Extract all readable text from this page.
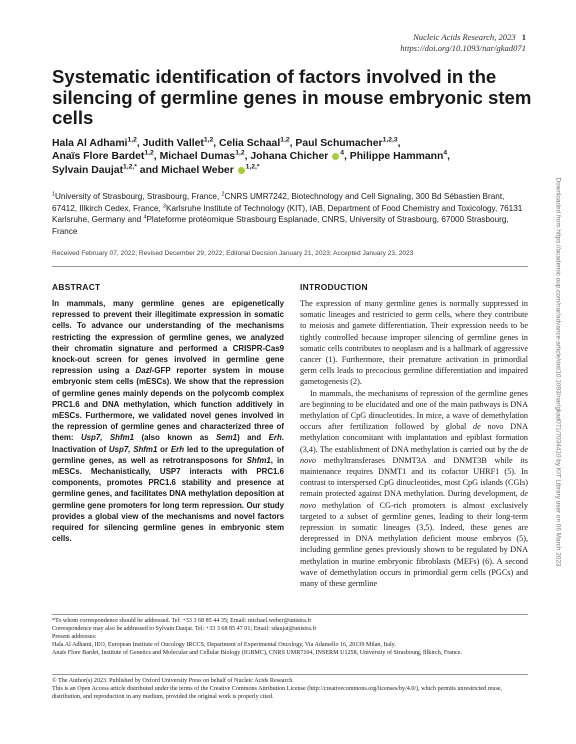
Nucleic Acids Research, 2023 1
https://doi.org/10.1093/nar/gkad071
Systematic identification of factors involved in the silencing of germline genes in mouse embryonic stem cells
Hala Al Adhami$^{1,2}$, Judith Vallet$^{1,2}$, Celia Schaal$^{1,2}$, Paul Schumacher$^{1,2,3}$,
Anaïs Flore Bardet$^{1,2}$, Michael Dumas$^{1,2}$, Johana Chicher $^4$, Philippe Hammann$^4$,
Sylvain Daujat$^{1,2,*}$ and Michael Weber $^{1,2,*}$
$^1$University of Strasbourg, Strasbourg, France, $^2$CNRS UMR7242, Biotechnology and Cell Signaling, 300 Bd Sébastien Brant, 67412, Illkirch Cedex, France, $^3$Karlsruhe Institute of Technology (KIT), IAB, Department of Food Chemistry and Toxicology, 76131 Karlsruhe, Germany and $^4$Plateforme protéomique Strasbourg Esplanade, CNRS, University of Strasbourg, 67000 Strasbourg, France
Received February 07, 2022; Revised December 29, 2022; Editorial Decision January 21, 2023; Accepted January 23, 2023
ABSTRACT	INTRODUCTION
In mammals, many germline genes are epigenetically repressed to prevent their illegitimate expression in somatic cells. To advance our understanding of the mechanisms restricting the expression of germline genes, we analyzed their chromatin signature and performed a CRISPR-Cas9 knock-out screen for genes involved in germline gene repression using a Dazl-GFP reporter system in mouse embryonic stem cells (mESCs). We show that the repression of germline genes mainly depends on the polycomb complex PRC1.6 and DNA methylation, which function additively in mESCs. Furthermore, we validated novel genes involved in the repression of germline genes and characterized three of them: Usp7, Shfm1 (also known as Sem1) and Erh. Inactivation of Usp7, Shfm1 or Erh led to the upregulation of germline genes, as well as retrotransposons for Shfm1, in mESCs. Mechanistically, USP7 interacts with PRC1.6 components, promotes PRC1.6 stability and presence at germline genes, and facilitates DNA methylation deposition at germline gene promoters for long term repression. Our study provides a global view of the mechanisms and novel factors required for silencing germline genes in embryonic stem cells.

The expression of many germline genes is normally suppressed in somatic lineages and restricted to germ cells, where they contribute to meiosis and gamete differentiation. Their expression needs to be tightly controlled because improper silencing of germline genes in somatic cells contributes to neoplasm and is a hallmark of aggressive cancer (1). Furthermore, their premature activation in primordial germ cells leads to precocious germline differentiation and impaired gametogenesis (2).

In mammals, the mechanisms of repression of the germline genes are beginning to be elucidated and one of the main pathways is DNA methylation of CpG dinucleotides. In mice, a wave of demethylation occurs after fertilization followed by global de novo DNA methylation concomitant with implantation and epiblast formation (3,4). The establishment of DNA methylation is carried out by the de novo methyltransferases DNMT3A and DNMT3B while its maintenance requires DNMT1 and its cofactor UHRF1 (5). In contrast to interspersed CpG dinucleotides, most CpG islands (CGIs) remain protected against DNA methylation. During development, de novo methylation of CG-rich promoters is almost exclusively targeted to a subset of germline genes, leading to their long-term repression in somatic lineages (3,5). Indeed, these genes are derepressed in DNA methylation deficient mouse embryos (5), including germline genes previously shown to be regulated by DNA methylation in murine embryonic fibroblasts (MEFs) (6). A second wave of demethylation occurs in primordial germ cells (PGCs) and many of these germline

*To whom correspondence should be addressed. Tel: +33 3 68 85 44 35; Email: michael.weber@unistra.fr

Correspondence may also be addressed to Sylvain Daujat. Tel: +33 3 68 85 47 01; Email: sdaujat@unistra.fr

Present addresses:

Hala Al Adhami, IEO, European Institute of Oncology IRCCS, Department of Experimental Oncology, Via Adamello 16, 20139 Milan, Italy.

Anaïs Flore Bardet, Institute of Genetics and Molecular and Cellular Biology (IGBMC), CNRS UMR7104, INSERM U1258, University of Strasbourg, Illkirch, France.

© The Author(s) 2023. Published by Oxford University Press on behalf of Nucleic Acids Research.

This is an Open Access article distributed under the terms of the Creative Commons Attribution License (http://creativecommons.org/licenses/by/4.0/), which permits unrestricted reuse, distribution, and reproduction in any medium, provided the original work is properly cited.

Downloaded from https://academic.oup.com/nar/advance-article/doi/10.1093/nar/gkad071/7034410 by KIT Library user on 06 March 2023
